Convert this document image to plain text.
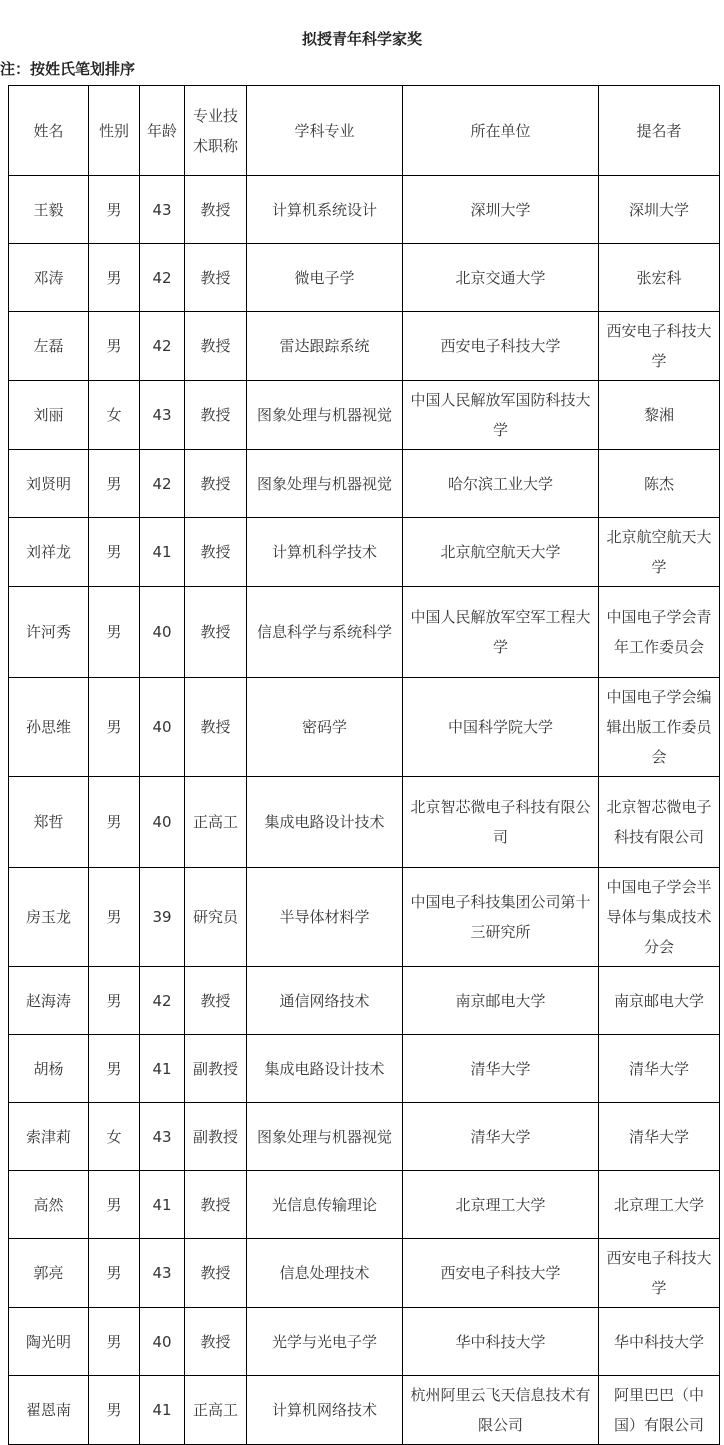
拟授青年科学家奖
注：按姓氏笔划排序
姓名	性别	年龄	专业技术职称	学科专业	所在单位	提名者
王毅	男	43	教授	计算机系统设计	深圳大学	深圳大学
邓涛	男	42	教授	微电子学	北京交通大学	张宏科
左磊	男	42	教授	雷达跟踪系统	西安电子科技大学	西安电子科技大学
刘丽	女	43	教授	图象处理与机器视觉	中国人民解放军国防科技大学	黎湘
刘贤明	男	42	教授	图象处理与机器视觉	哈尔滨工业大学	陈杰
刘祥龙	男	41	教授	计算机科学技术	北京航空航天大学	北京航空航天大学
许河秀	男	40	教授	信息科学与系统科学	中国人民解放军空军工程大学	中国电子学会青年工作委员会
孙思维	男	40	教授	密码学	中国科学院大学	中国电子学会编辑出版工作委员会
郑哲	男	40	正高工	集成电路设计技术	北京智芯微电子科技有限公司	北京智芯微电子科技有限公司
房玉龙	男	39	研究员	半导体材料学	中国电子科技集团公司第十三研究所	中国电子学会半导体与集成技术分会
赵海涛	男	42	教授	通信网络技术	南京邮电大学	南京邮电大学
胡杨	男	41	副教授	集成电路设计技术	清华大学	清华大学
索津莉	女	43	副教授	图象处理与机器视觉	清华大学	清华大学
高然	男	41	教授	光信息传输理论	北京理工大学	北京理工大学
郭亮	男	43	教授	信息处理技术	西安电子科技大学	西安电子科技大学
陶光明	男	40	教授	光学与光电子学	华中科技大学	华中科技大学
翟恩南	男	41	正高工	计算机网络技术	杭州阿里云飞天信息技术有限公司	阿里巴巴（中国）有限公司
